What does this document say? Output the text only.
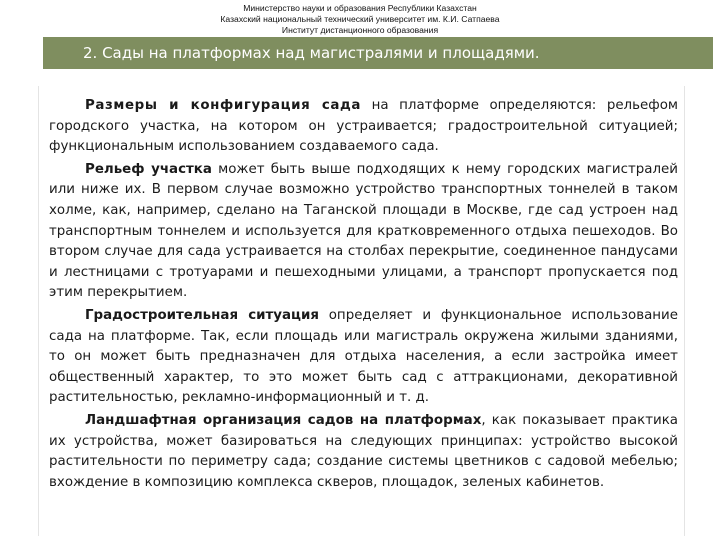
Министерство науки и образования Республики Казахстан
Казахский национальный технический университет им. К.И. Сатпаева
Институт дистанционного образования
2. Сады на платформах над магистралями и площадями.

Размеры и конфигурация сада на платформе определяются: рельефом городского участка, на котором он устраивается; градостроительной ситуацией; функциональным использованием создаваемого сада.

Рельеф участка может быть выше подходящих к нему городских магистралей или ниже их. В первом случае возможно устройство транспортных тоннелей в таком холме, как, например, сделано на Таганской площади в Москве, где сад устроен над транспортным тоннелем и используется для кратковременного отдыха пешеходов. Во втором случае для сада устраивается на столбах перекрытие, соединенное пандусами и лестницами с тротуарами и пешеходными улицами, а транспорт пропускается под этим перекрытием.

Градостроительная ситуация определяет и функциональное использование сада на платформе. Так, если площадь или магистраль окружена жилыми зданиями, то он может быть предназначен для отдыха населения, а если застройка имеет общественный характер, то это может быть сад с аттракционами, декоративной растительностью, рекламно-информационный и т. д.

Ландшафтная организация садов на платформах, как показывает практика их устройства, может базироваться на следующих принципах: устройство высокой растительности по периметру сада; создание системы цветников с садовой мебелью; вхождение в композицию комплекса скверов, площадок, зеленых кабинетов.
